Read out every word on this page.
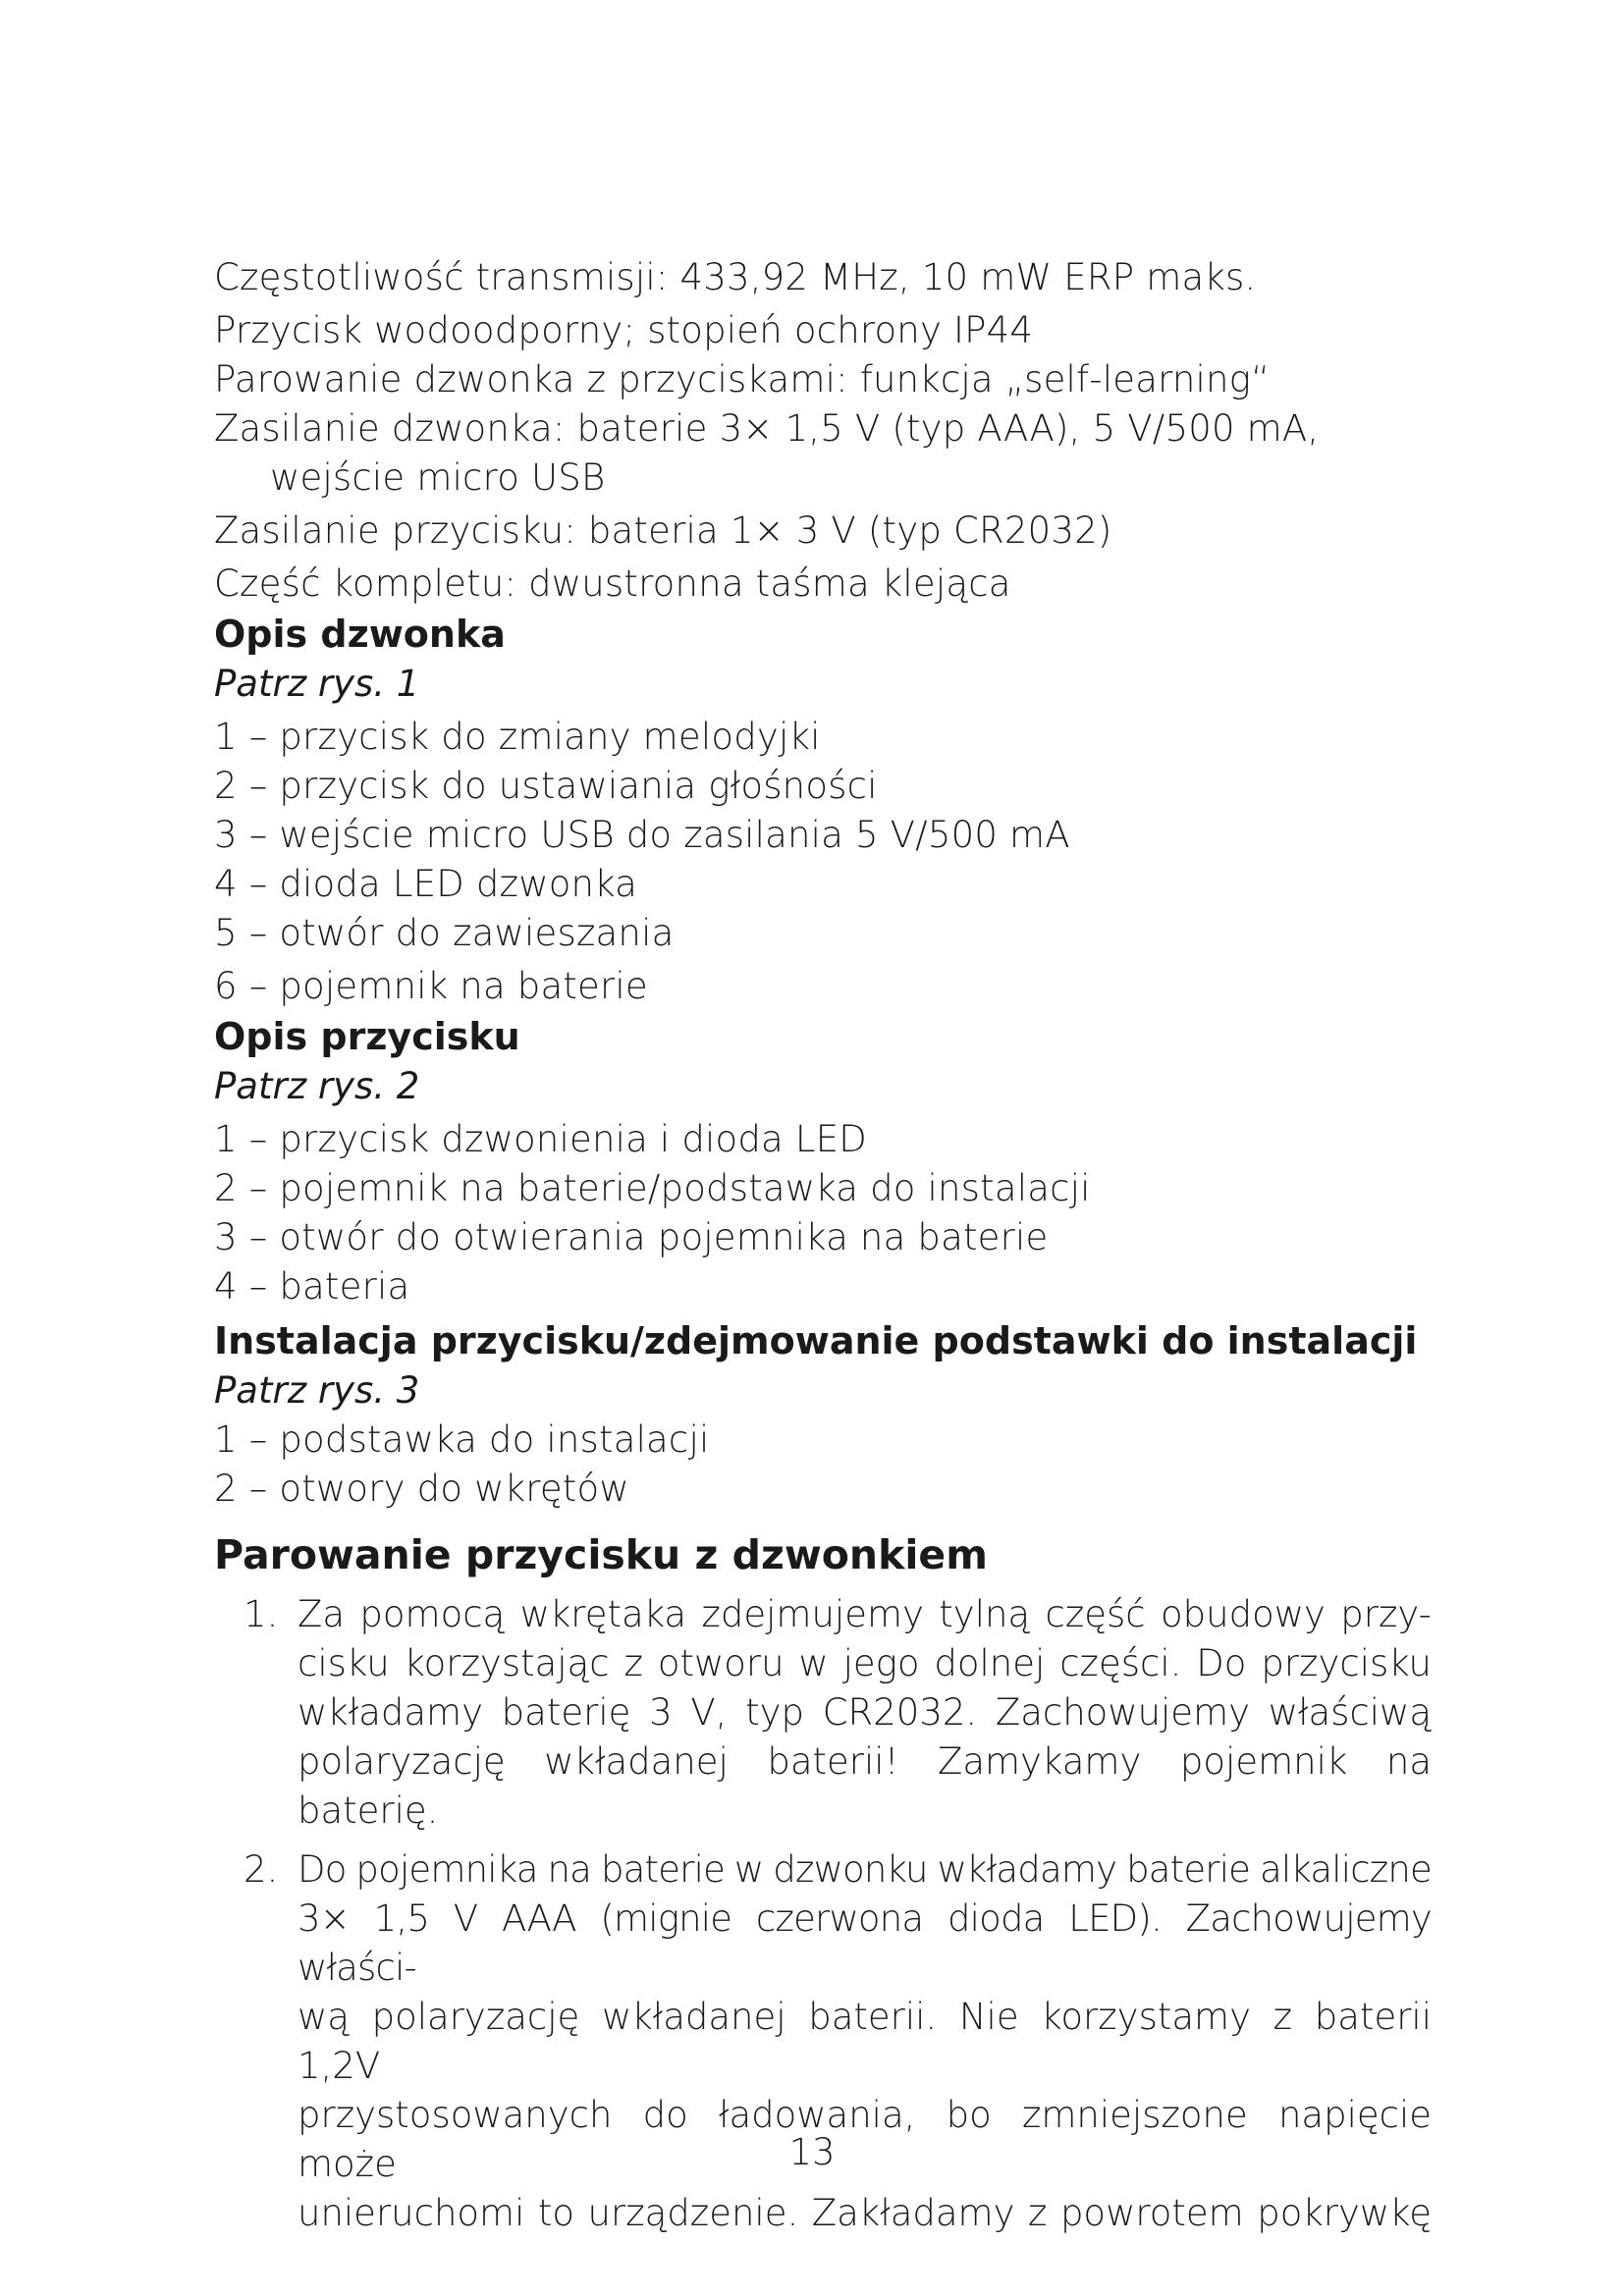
Częstotliwość transmisji: 433,92 MHz, 10 mW ERP maks.
Przycisk wodoodporny; stopień ochrony IP44
Parowanie dzwonka z przyciskami: funkcja „self-learning“
Zasilanie dzwonka: baterie 3× 1,5 V (typ AAA), 5 V/500 mA,
wejście micro USB
Zasilanie przycisku: bateria 1× 3 V (typ CR2032)
Część kompletu: dwustronna taśma klejąca
Opis dzwonka
Patrz rys. 1
1 – przycisk do zmiany melodyjki
2 – przycisk do ustawiania głośności
3 – wejście micro USB do zasilania 5 V/500 mA
4 – dioda LED dzwonka
5 – otwór do zawieszania
6 – pojemnik na baterie
Opis przycisku
Patrz rys. 2
1 – przycisk dzwonienia i dioda LED
2 – pojemnik na baterie/podstawka do instalacji
3 – otwór do otwierania pojemnika na baterie
4 – bateria
Instalacja przycisku/zdejmowanie podstawki do instalacji
Patrz rys. 3
1 – podstawka do instalacji
2 – otwory do wkrętów
Parowanie przycisku z dzwonkiem
1. Za pomocą wkrętaka zdejmujemy tylną część obudowy przy-
cisku korzystając z otworu w jego dolnej części. Do przycisku
wkładamy baterię 3 V, typ CR2032. Zachowujemy właściwą
polaryzację wkładanej baterii! Zamykamy pojemnik na baterię.
2. Do pojemnika na baterie w dzwonku wkładamy baterie alkaliczne
3× 1,5 V AAA (mignie czerwona dioda LED). Zachowujemy właści-
wą polaryzację wkładanej baterii. Nie korzystamy z baterii 1,2V
przystosowanych do ładowania, bo zmniejszone napięcie może
unieruchomi to urządzenie. Zakładamy z powrotem pokrywkę
13
